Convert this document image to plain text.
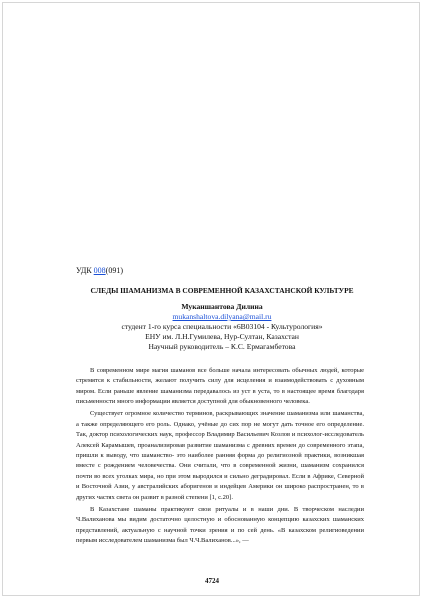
УДК 008(091)
СЛЕДЫ ШАМАНИЗМА В СОВРЕМЕННОЙ КАЗАХСТАНСКОЙ КУЛЬТУРЕ
Муканшантова Дилина
mukanshaltova.dilyana@mail.ru
студент 1-го курса специальности «6В03104 - Культурология»
ЕНУ им. Л.Н.Гумилева, Нур-Султан, Казахстан
Научный руководитель – К.С. Ермагамбетова

В современном мире магия шаманов все больше начала интересовать обычных людей, которые стремятся к стабильности, желают получить силу для исцеления и взаимодействовать с духовным миром. Если раньше явление шаманизма передавалось из уст в уста, то в настоящее время благодаря письменности много информации является доступной для обыкновенного человека.

Существует огромное количество терминов, раскрывающих значение шаманизма или шаманства, а также определяющего его роль. Однако, учёные до сих пор не могут дать точное его определение. Так, доктор психологических наук, профессор Владимир Васильевич Козлов и психолог-исследователь Алексей Карамышев, проанализировав развитие шаманизма с древних времен до современного этапа, пришли к выводу, что шаманство- это наиболее ранняя форма до религиозной практики, возникшая вместе с рождением человечества. Они считали, что в современной жизни, шаманизм сохранился почти во всех уголках мира, но при этом выродился и сильно деградировал. Если в Африке, Северной и Восточной Азии, у австралийских аборигенов и индейцев Америки он широко распространен, то в других частях света он развит в разной степени [1, с.20].

В Казахстане шаманы практикуют свои ритуалы и в наши дни. В творческом наследии Ч.Валиханова мы видим достаточно целостную и обоснованную концепцию казахских шаманских представлений, актуальную с научной точки зрения и по сей день. «В казахском религиоведении первым исследователем шаманизма был Ч.Ч.Валиханов...», —

4724
